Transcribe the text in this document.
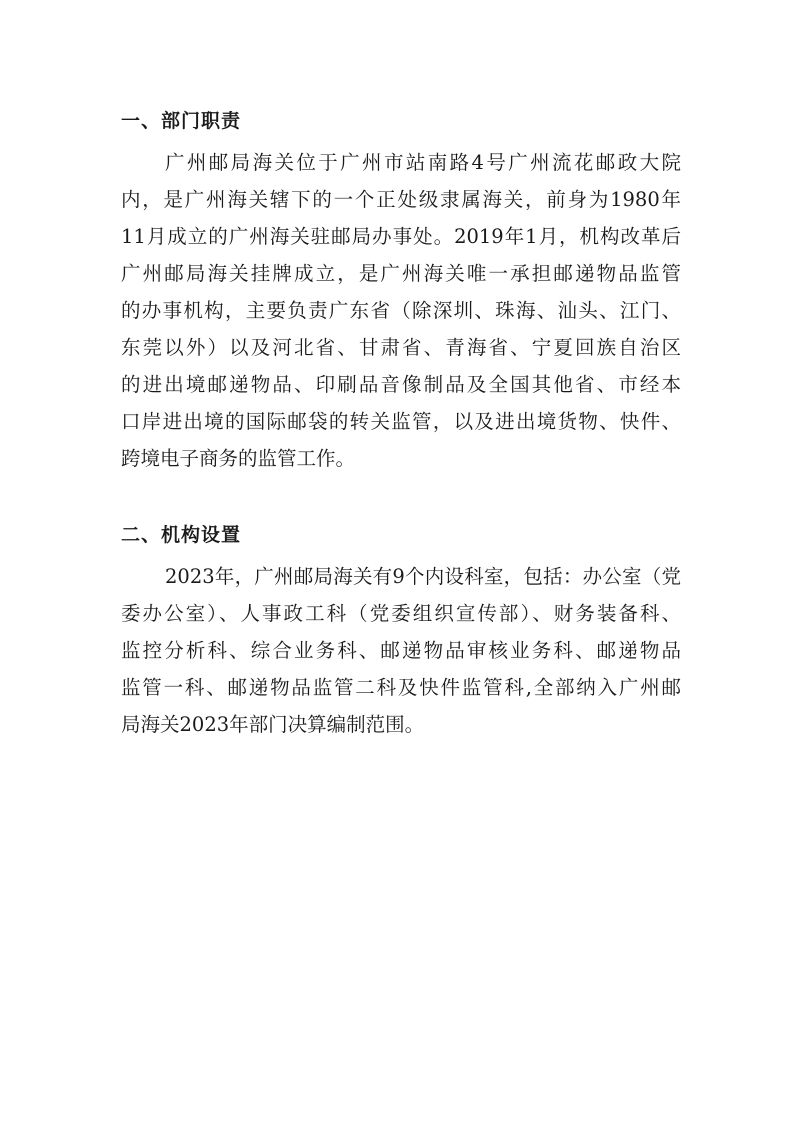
一、部门职责
广州邮局海关位于广州市站南路4号广州流花邮政大院
内，是广州海关辖下的一个正处级隶属海关，前身为1980年
11月成立的广州海关驻邮局办事处。2019年1月，机构改革后
广州邮局海关挂牌成立，是广州海关唯一承担邮递物品监管
的办事机构，主要负责广东省（除深圳、珠海、汕头、江门、
东莞以外）以及河北省、甘肃省、青海省、宁夏回族自治区
的进出境邮递物品、印刷品音像制品及全国其他省、市经本
口岸进出境的国际邮袋的转关监管，以及进出境货物、快件、
跨境电子商务的监管工作。
二、机构设置
2023年，广州邮局海关有9个内设科室，包括：办公室（党
委办公室）、人事政工科（党委组织宣传部）、财务装备科、
监控分析科、综合业务科、邮递物品审核业务科、邮递物品
监管一科、邮递物品监管二科及快件监管科,全部纳入广州邮
局海关2023年部门决算编制范围。
